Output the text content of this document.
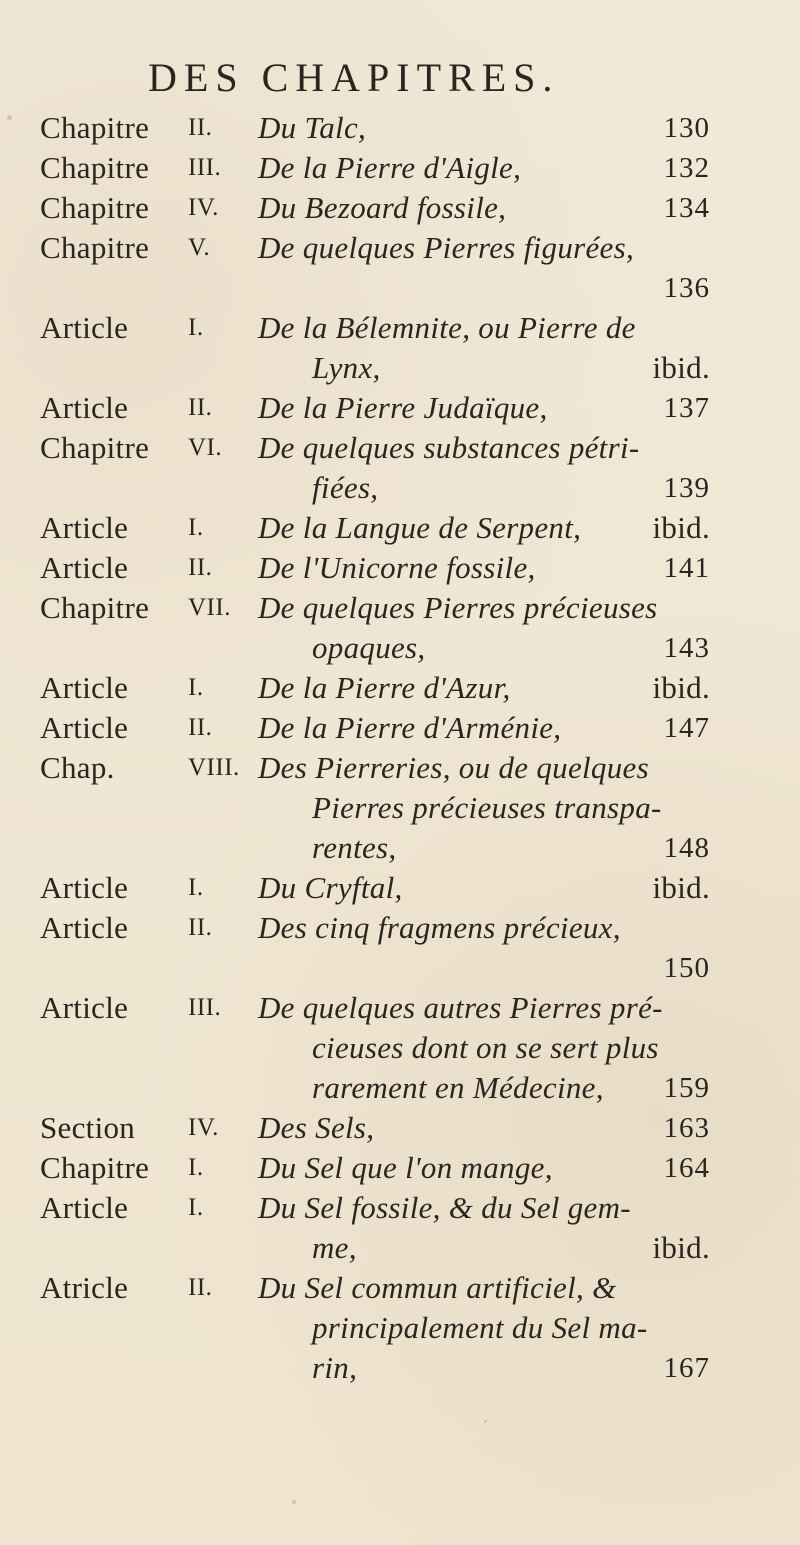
DES CHAPITRES.
Chapitre II. Du Talc,	130
Chapitre III. De la Pierre d'Aigle,	132
Chapitre IV. Du Bezoard fossile,	134
Chapitre V. De quelques Pierres figurées,
136
Article I. De la Bélemnite, ou Pierre de
Lynx,	ibid.
Article II. De la Pierre Judaïque,	137
Chapitre VI. De quelques substances pétri-
fiées,	139
Article I. De la Langue de Serpent,	ibid.
Article II. De l'Unicorne fossile,	141
Chapitre VII. De quelques Pierres précieuses
opaques,	143
Article I. De la Pierre d'Azur,	ibid.
Article II. De la Pierre d'Arménie,	147
Chap.	VIII. Des Pierreries, ou de quelques
Pierres précieuses transpa-
rentes,	148
Article I. Du Cryftal,	ibid.
Article II. Des cinq fragmens précieux,
150
Article III. De quelques autres Pierres pré-
cieuses dont on se sert plus
rarement en Médecine,	159
Section IV. Des Sels,	163
Chapitre I. Du Sel que l'on mange,	164
Article I. Du Sel fossile, & du Sel gem-
me,	ibid.
Atricle II. Du Sel commun artificiel, &
principalement du Sel ma-
rin,	167
